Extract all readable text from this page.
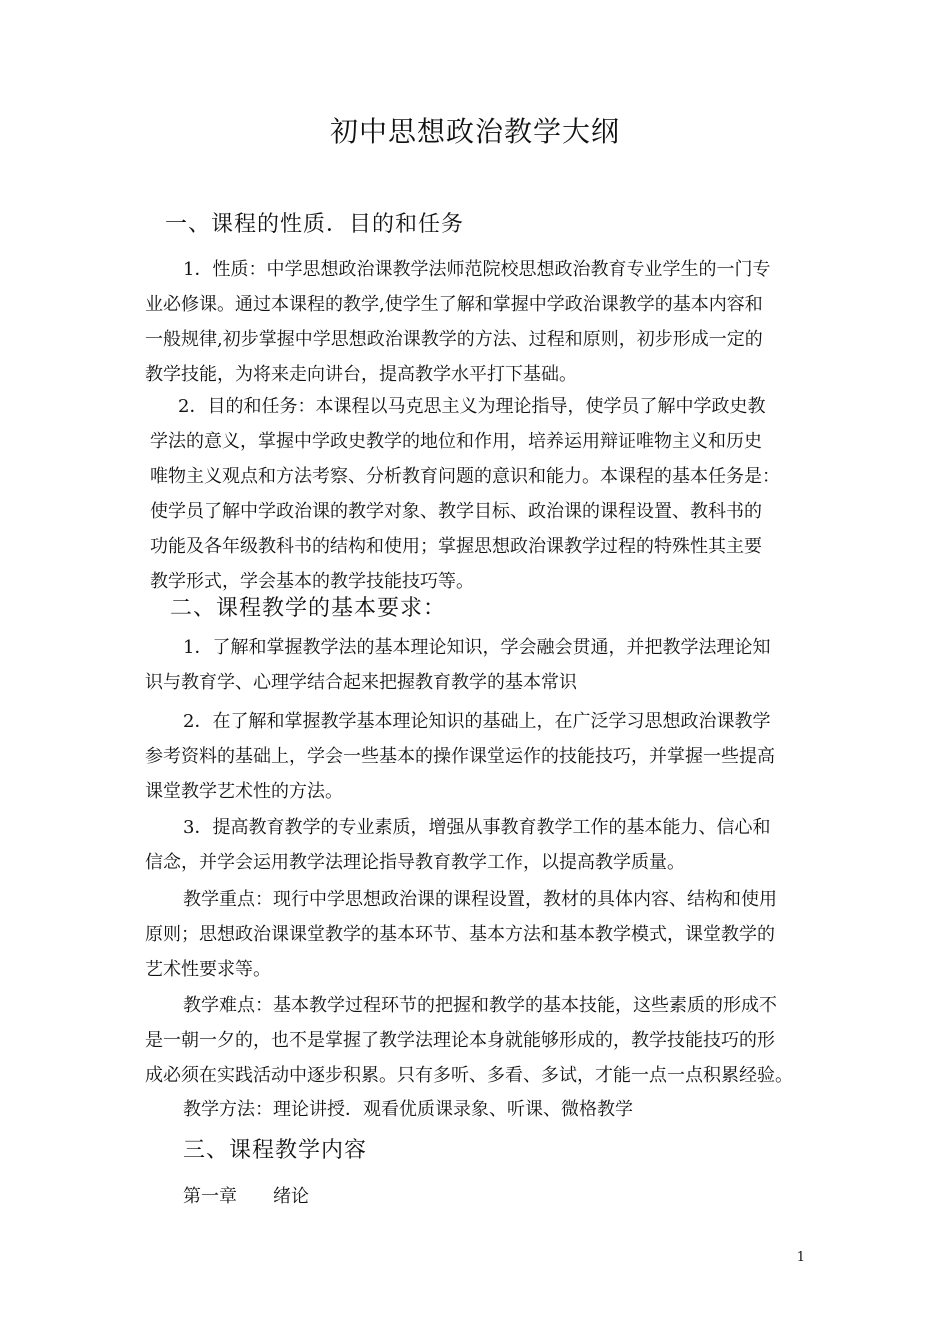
初中思想政治教学大纲
一、课程的性质．目的和任务
1．性质：中学思想政治课教学法师范院校思想政治教育专业学生的一门专
业必修课。通过本课程的教学,使学生了解和掌握中学政治课教学的基本内容和
一般规律,初步掌握中学思想政治课教学的方法、过程和原则，初步形成一定的
教学技能，为将来走向讲台，提高教学水平打下基础。
2．目的和任务：本课程以马克思主义为理论指导，使学员了解中学政史教
学法的意义，掌握中学政史教学的地位和作用，培养运用辩证唯物主义和历史
唯物主义观点和方法考察、分析教育问题的意识和能力。本课程的基本任务是：
使学员了解中学政治课的教学对象、教学目标、政治课的课程设置、教科书的
功能及各年级教科书的结构和使用；掌握思想政治课教学过程的特殊性其主要
教学形式，学会基本的教学技能技巧等。
二、课程教学的基本要求：
1．了解和掌握教学法的基本理论知识，学会融会贯通，并把教学法理论知
识与教育学、心理学结合起来把握教育教学的基本常识
2．在了解和掌握教学基本理论知识的基础上，在广泛学习思想政治课教学
参考资料的基础上，学会一些基本的操作课堂运作的技能技巧，并掌握一些提高
课堂教学艺术性的方法。
3．提高教育教学的专业素质，增强从事教育教学工作的基本能力、信心和
信念，并学会运用教学法理论指导教育教学工作，以提高教学质量。
教学重点：现行中学思想政治课的课程设置，教材的具体内容、结构和使用
原则；思想政治课课堂教学的基本环节、基本方法和基本教学模式，课堂教学的
艺术性要求等。
教学难点：基本教学过程环节的把握和教学的基本技能，这些素质的形成不
是一朝一夕的，也不是掌握了教学法理论本身就能够形成的，教学技能技巧的形
成必须在实践活动中逐步积累。只有多听、多看、多试，才能一点一点积累经验。
教学方法：理论讲授．观看优质课录象、听课、微格教学
三、课程教学内容
第一章　　绪论
1
